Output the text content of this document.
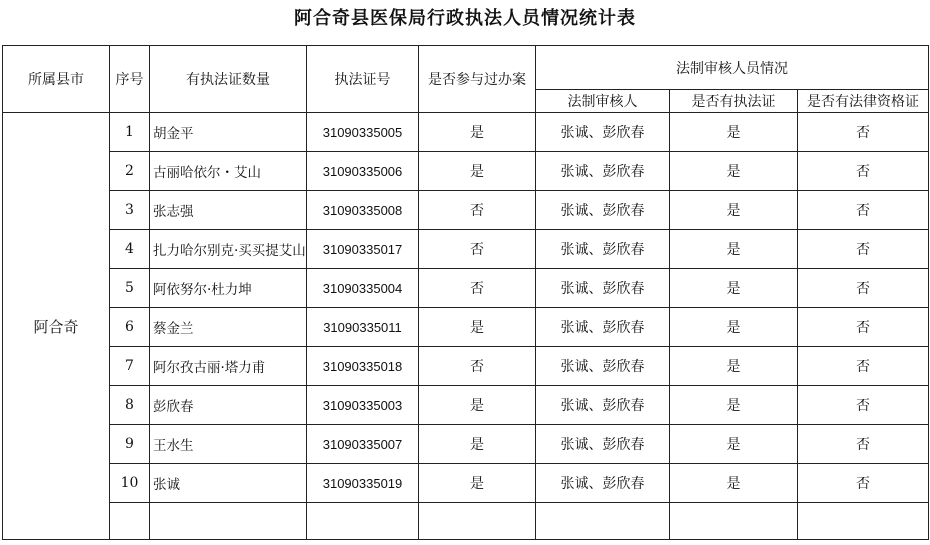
阿合奇县医保局行政执法人员情况统计表
所属县市	序号	有执法证数量	执法证号	是否参与过办案	法制审核人员情况		
					法制审核人	是否有执法证	是否有法律资格证
阿合奇	1	胡金平	31090335005	是	张诚、彭欣春	是	否
	2	古丽哈依尔・艾山	31090335006	是	张诚、彭欣春	是	否
	3	张志强	31090335008	否	张诚、彭欣春	是	否
	4	扎力哈尔别克·买买提艾山	31090335017	否	张诚、彭欣春	是	否
	5	阿依努尔·杜力坤	31090335004	否	张诚、彭欣春	是	否
	6	蔡金兰	31090335011	是	张诚、彭欣春	是	否
	7	阿尔孜古丽·塔力甫	31090335018	否	张诚、彭欣春	是	否
	8	彭欣春	31090335003	是	张诚、彭欣春	是	否
	9	王水生	31090335007	是	张诚、彭欣春	是	否
	10	张诚	31090335019	是	张诚、彭欣春	是	否
